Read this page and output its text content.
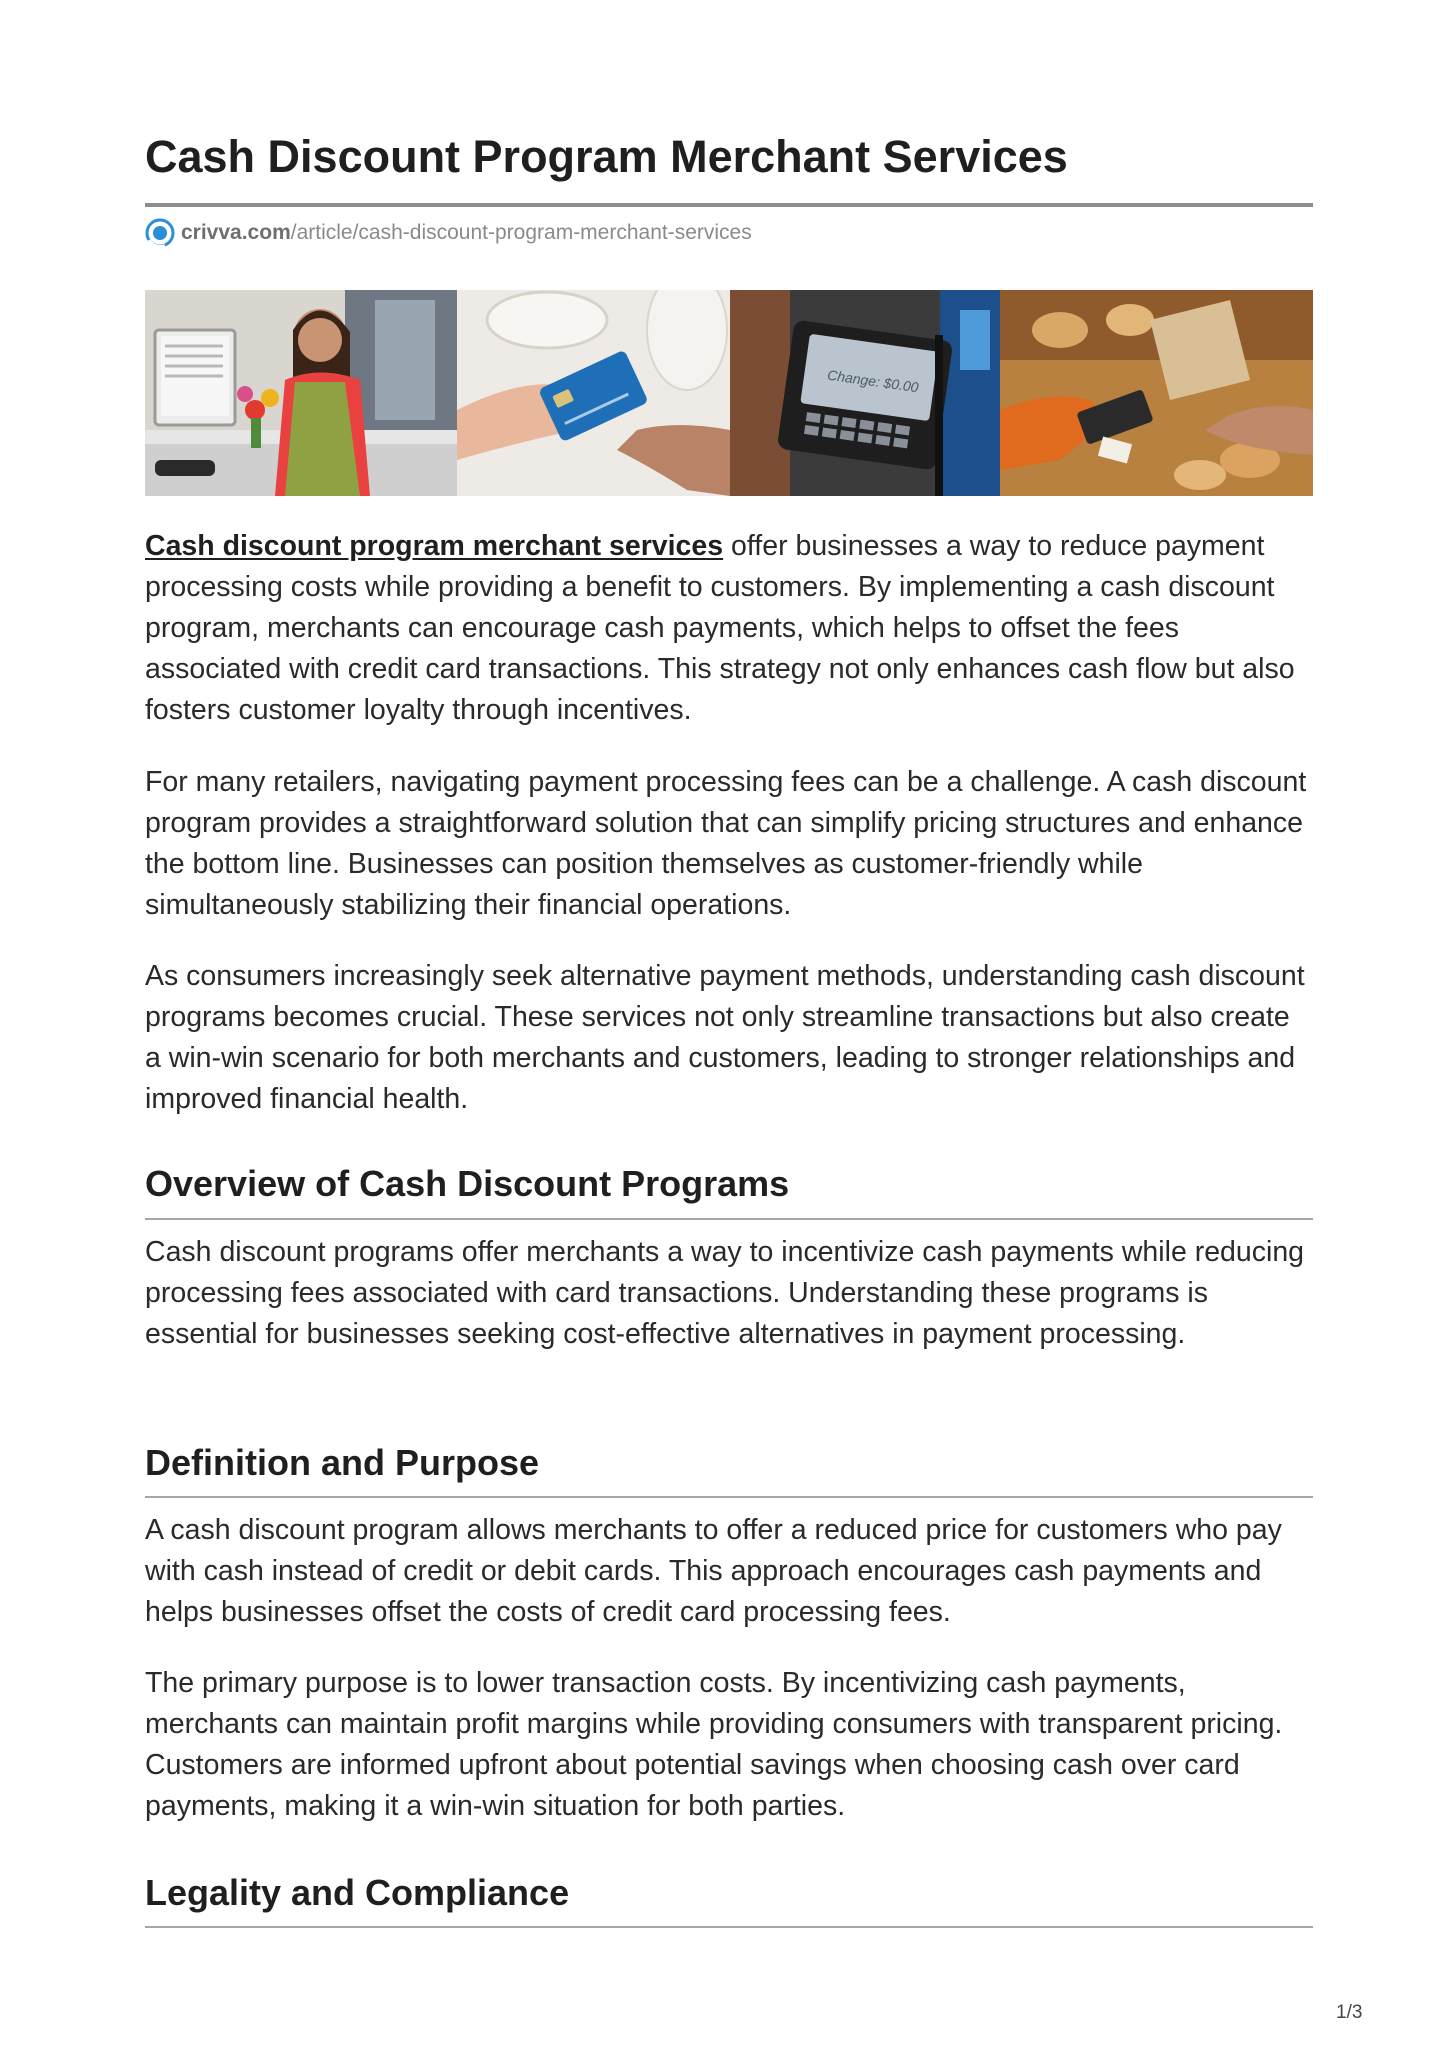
Cash Discount Program Merchant Services
crivva.com /article/cash-discount-program-merchant-services
Change: $0.00

Cash discount program merchant services offer businesses a way to reduce payment processing costs while providing a benefit to customers. By implementing a cash discount program, merchants can encourage cash payments, which helps to offset the fees associated with credit card transactions. This strategy not only enhances cash flow but also fosters customer loyalty through incentives.

For many retailers, navigating payment processing fees can be a challenge. A cash discount program provides a straightforward solution that can simplify pricing structures and enhance the bottom line. Businesses can position themselves as customer-friendly while simultaneously stabilizing their financial operations.

As consumers increasingly seek alternative payment methods, understanding cash discount programs becomes crucial. These services not only streamline transactions but also create a win-win scenario for both merchants and customers, leading to stronger relationships and improved financial health.

Overview of Cash Discount Programs

Cash discount programs offer merchants a way to incentivize cash payments while reducing processing fees associated with card transactions. Understanding these programs is essential for businesses seeking cost-effective alternatives in payment processing.

Definition and Purpose

A cash discount program allows merchants to offer a reduced price for customers who pay with cash instead of credit or debit cards. This approach encourages cash payments and helps businesses offset the costs of credit card processing fees.

The primary purpose is to lower transaction costs. By incentivizing cash payments, merchants can maintain profit margins while providing consumers with transparent pricing. Customers are informed upfront about potential savings when choosing cash over card payments, making it a win-win situation for both parties.

Legality and Compliance
1/3
